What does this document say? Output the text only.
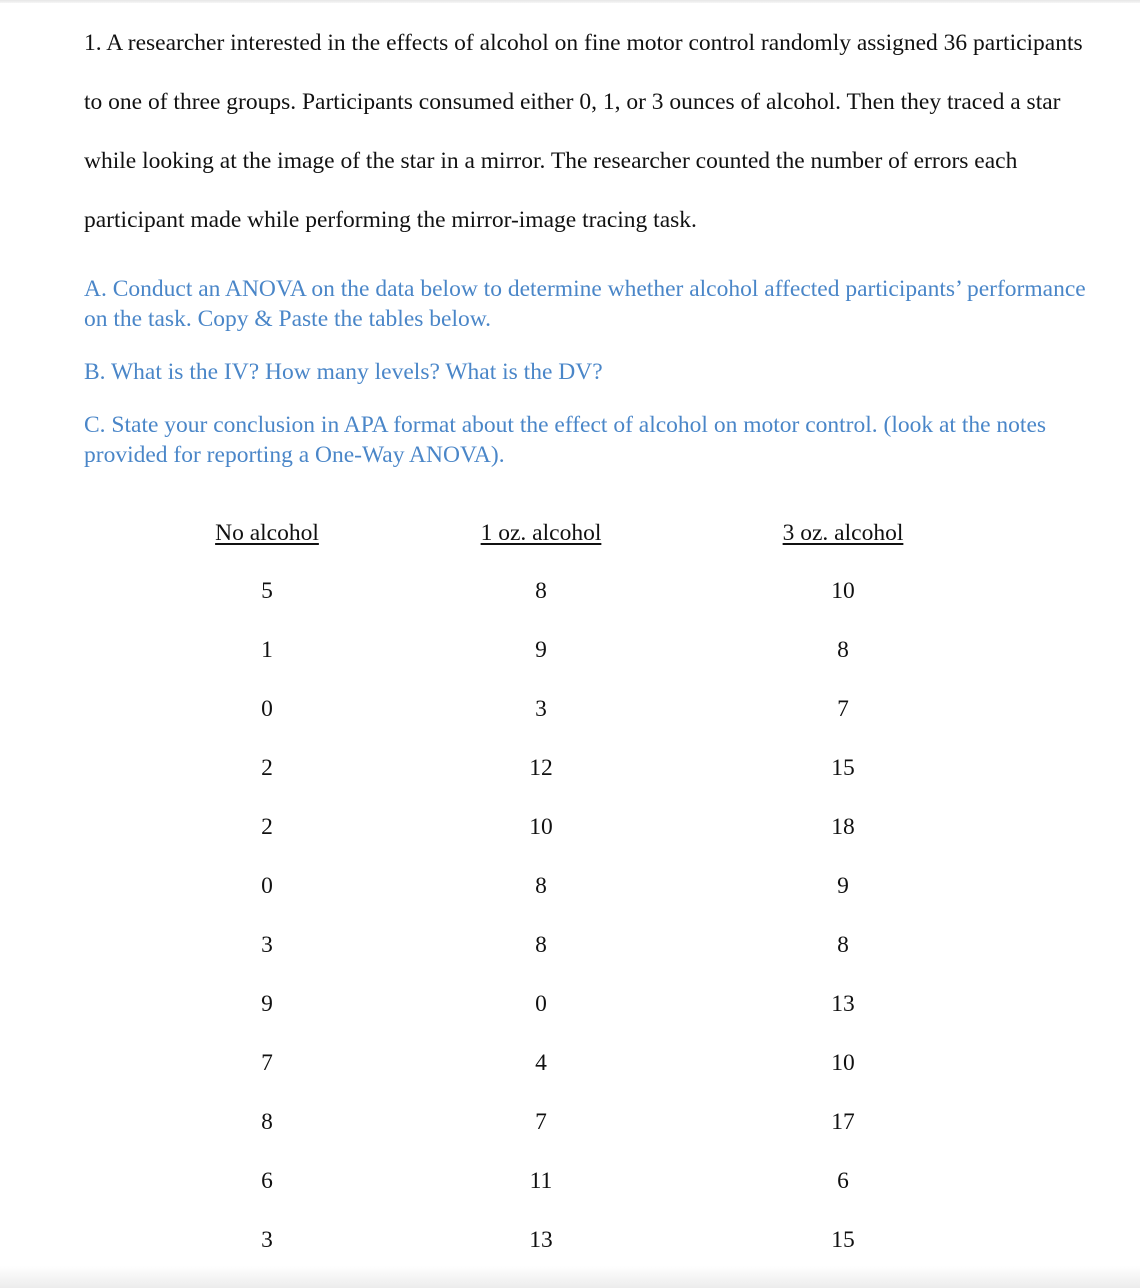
1. A researcher interested in the effects of alcohol on fine motor control randomly assigned 36 participants to one of three groups. Participants consumed either 0, 1, or 3 ounces of alcohol. Then they traced a star while looking at the image of the star in a mirror. The researcher counted the number of errors each participant made while performing the mirror-image tracing task.

A. Conduct an ANOVA on the data below to determine whether alcohol affected participants’ performance on the task. Copy & Paste the tables below.

B. What is the IV? How many levels? What is the DV?

C. State your conclusion in APA format about the effect of alcohol on motor control. (look at the notes provided for reporting a One-Way ANOVA).

No alcohol
5
1
0
2
2
0
3
9
7
8
6
3
1 oz. alcohol
8
9
3
12
10
8
8
0
4
7
11
13
3 oz. alcohol
10
8
7
15
18
9
8
13
10
17
6
15
